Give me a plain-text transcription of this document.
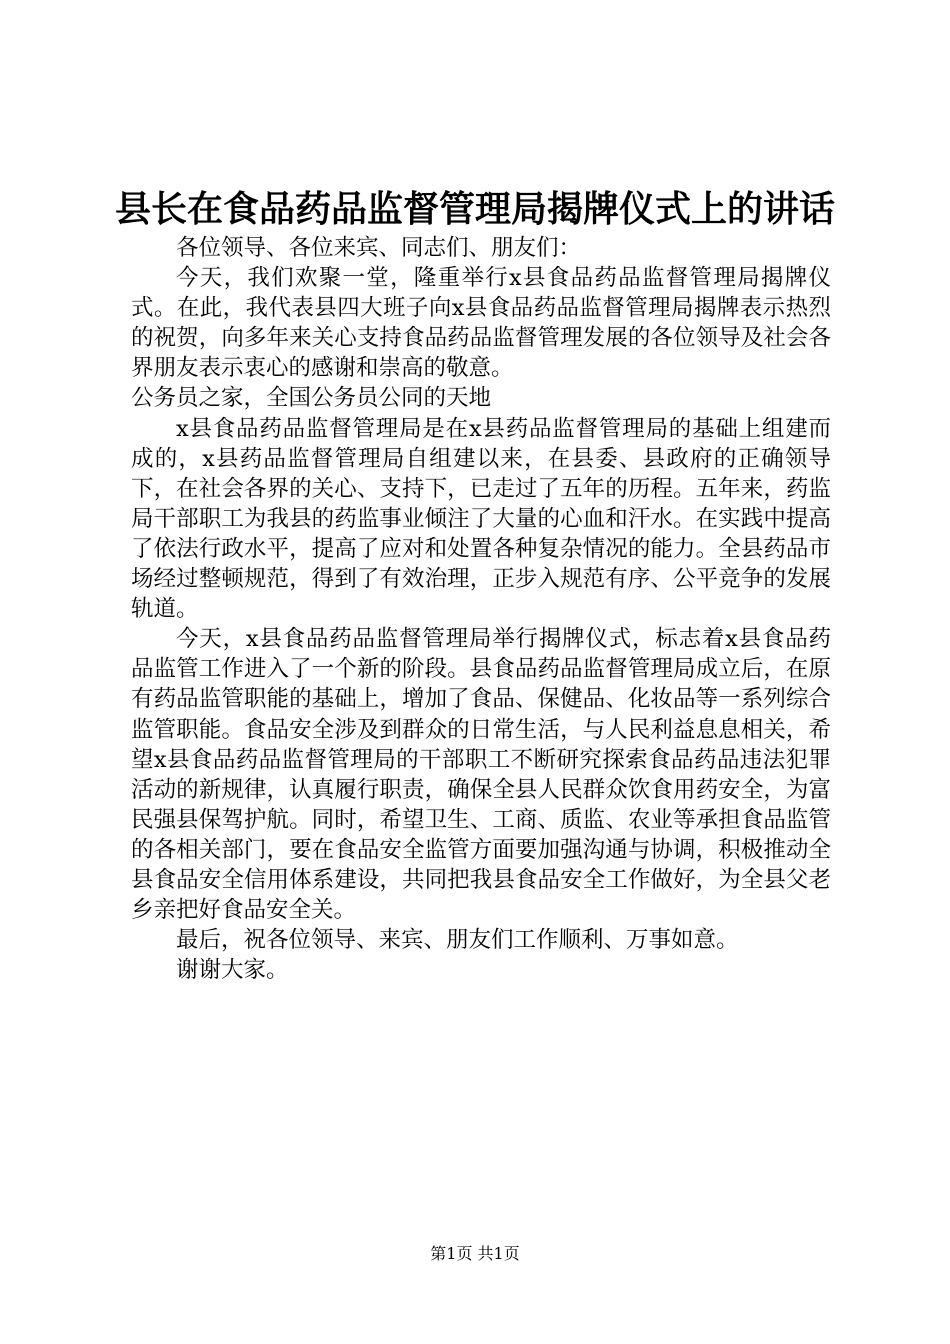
县长在食品药品监督管理局揭牌仪式上的讲话

各位领导、各位来宾、同志们、朋友们：

今天，我们欢聚一堂，隆重举行x县食品药品监督管理局揭牌仪式。在此，我代表县四大班子向x县食品药品监督管理局揭牌表示热烈的祝贺，向多年来关心支持食品药品监督管理发展的各位领导及社会各界朋友表示衷心的感谢和崇高的敬意。

公务员之家，全国公务员公同的天地

x县食品药品监督管理局是在x县药品监督管理局的基础上组建而成的，x县药品监督管理局自组建以来，在县委、县政府的正确领导下，在社会各界的关心、支持下，已走过了五年的历程。五年来，药监局干部职工为我县的药监事业倾注了大量的心血和汗水。在实践中提高了依法行政水平，提高了应对和处置各种复杂情况的能力。全县药品市场经过整顿规范，得到了有效治理，正步入规范有序、公平竞争的发展轨道。

今天，x县食品药品监督管理局举行揭牌仪式，标志着x县食品药品监管工作进入了一个新的阶段。县食品药品监督管理局成立后，在原有药品监管职能的基础上，增加了食品、保健品、化妆品等一系列综合监管职能。食品安全涉及到群众的日常生活，与人民利益息息相关，希望x县食品药品监督管理局的干部职工不断研究探索食品药品违法犯罪活动的新规律，认真履行职责，确保全县人民群众饮食用药安全，为富民强县保驾护航。同时，希望卫生、工商、质监、农业等承担食品监管的各相关部门，要在食品安全监管方面要加强沟通与协调，积极推动全县食品安全信用体系建设，共同把我县食品安全工作做好，为全县父老乡亲把好食品安全关。

最后，祝各位领导、来宾、朋友们工作顺利、万事如意。

谢谢大家。

第1页 共1页
